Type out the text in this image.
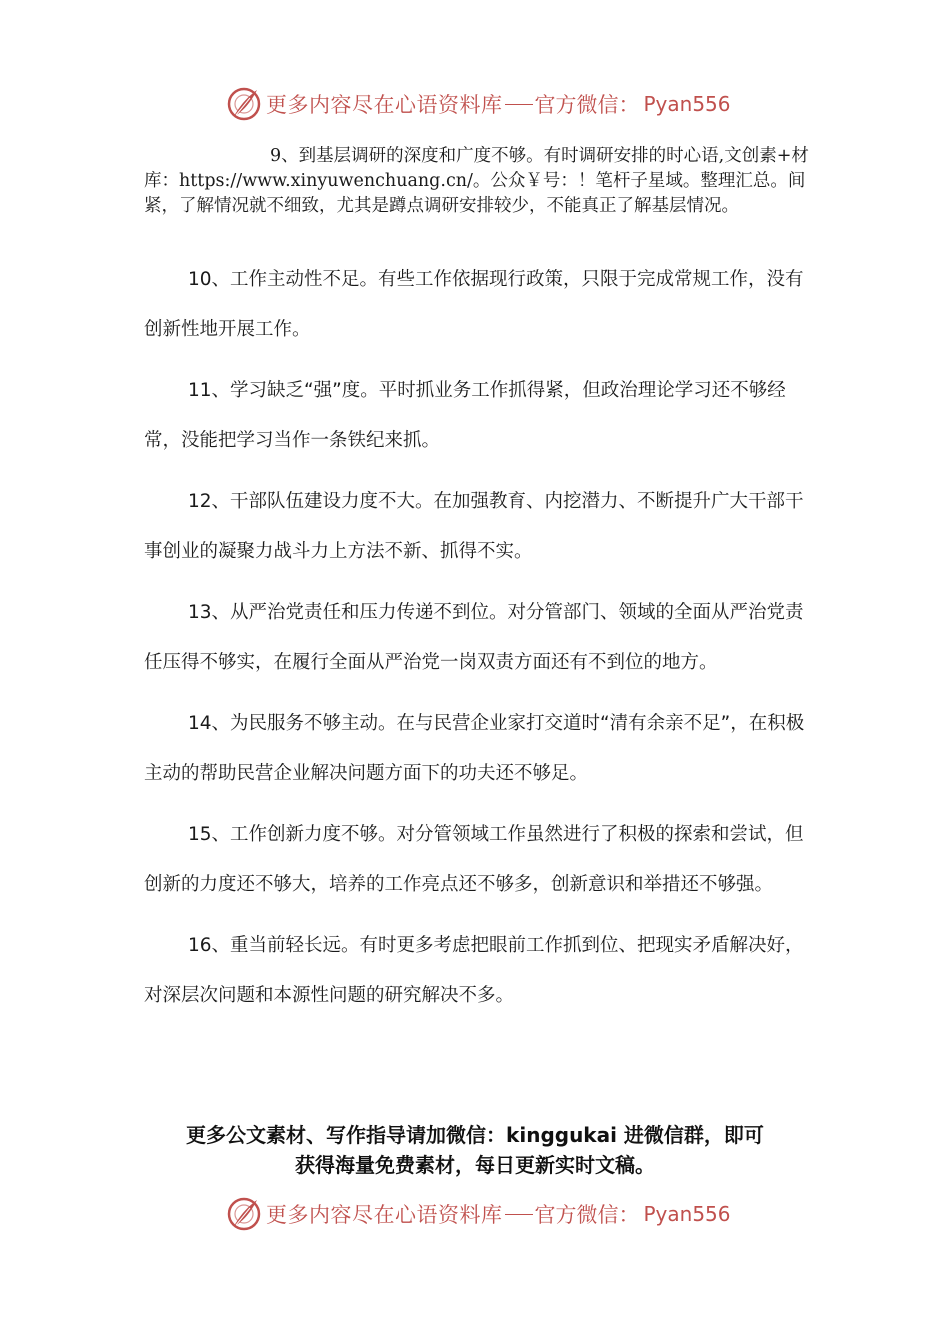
更多内容尽在心语资料库 官方微信： Pyan556

9、到基层调研的深度和广度不够。有时调研安排的时心语,文创素+材库：https://www.xinyuwenchuang.cn/。公众￥号：！笔杆子星域。整理汇总。间紧，了解情况就不细致，尤其是蹲点调研安排较少，不能真正了解基层情况。

10、工作主动性不足。有些工作依据现行政策，只限于完成常规工作，没有创新性地开展工作。

11、学习缺乏“强”度。平时抓业务工作抓得紧，但政治理论学习还不够经常，没能把学习当作一条铁纪来抓。

12、干部队伍建设力度不大。在加强教育、内挖潜力、不断提升广大干部干事创业的凝聚力战斗力上方法不新、抓得不实。

13、从严治党责任和压力传递不到位。对分管部门、领域的全面从严治党责任压得不够实，在履行全面从严治党一岗双责方面还有不到位的地方。

14、为民服务不够主动。在与民营企业家打交道时“清有余亲不足”，在积极主动的帮助民营企业解决问题方面下的功夫还不够足。

15、工作创新力度不够。对分管领域工作虽然进行了积极的探索和尝试，但创新的力度还不够大，培养的工作亮点还不够多，创新意识和举措还不够强。

16、重当前轻长远。有时更多考虑把眼前工作抓到位、把现实矛盾解决好，对深层次问题和本源性问题的研究解决不多。

更多公文素材、写作指导请加微信：kinggukai 进微信群，即可
获得海量免费素材，每日更新实时文稿。

更多内容尽在心语资料库 官方微信： Pyan556
